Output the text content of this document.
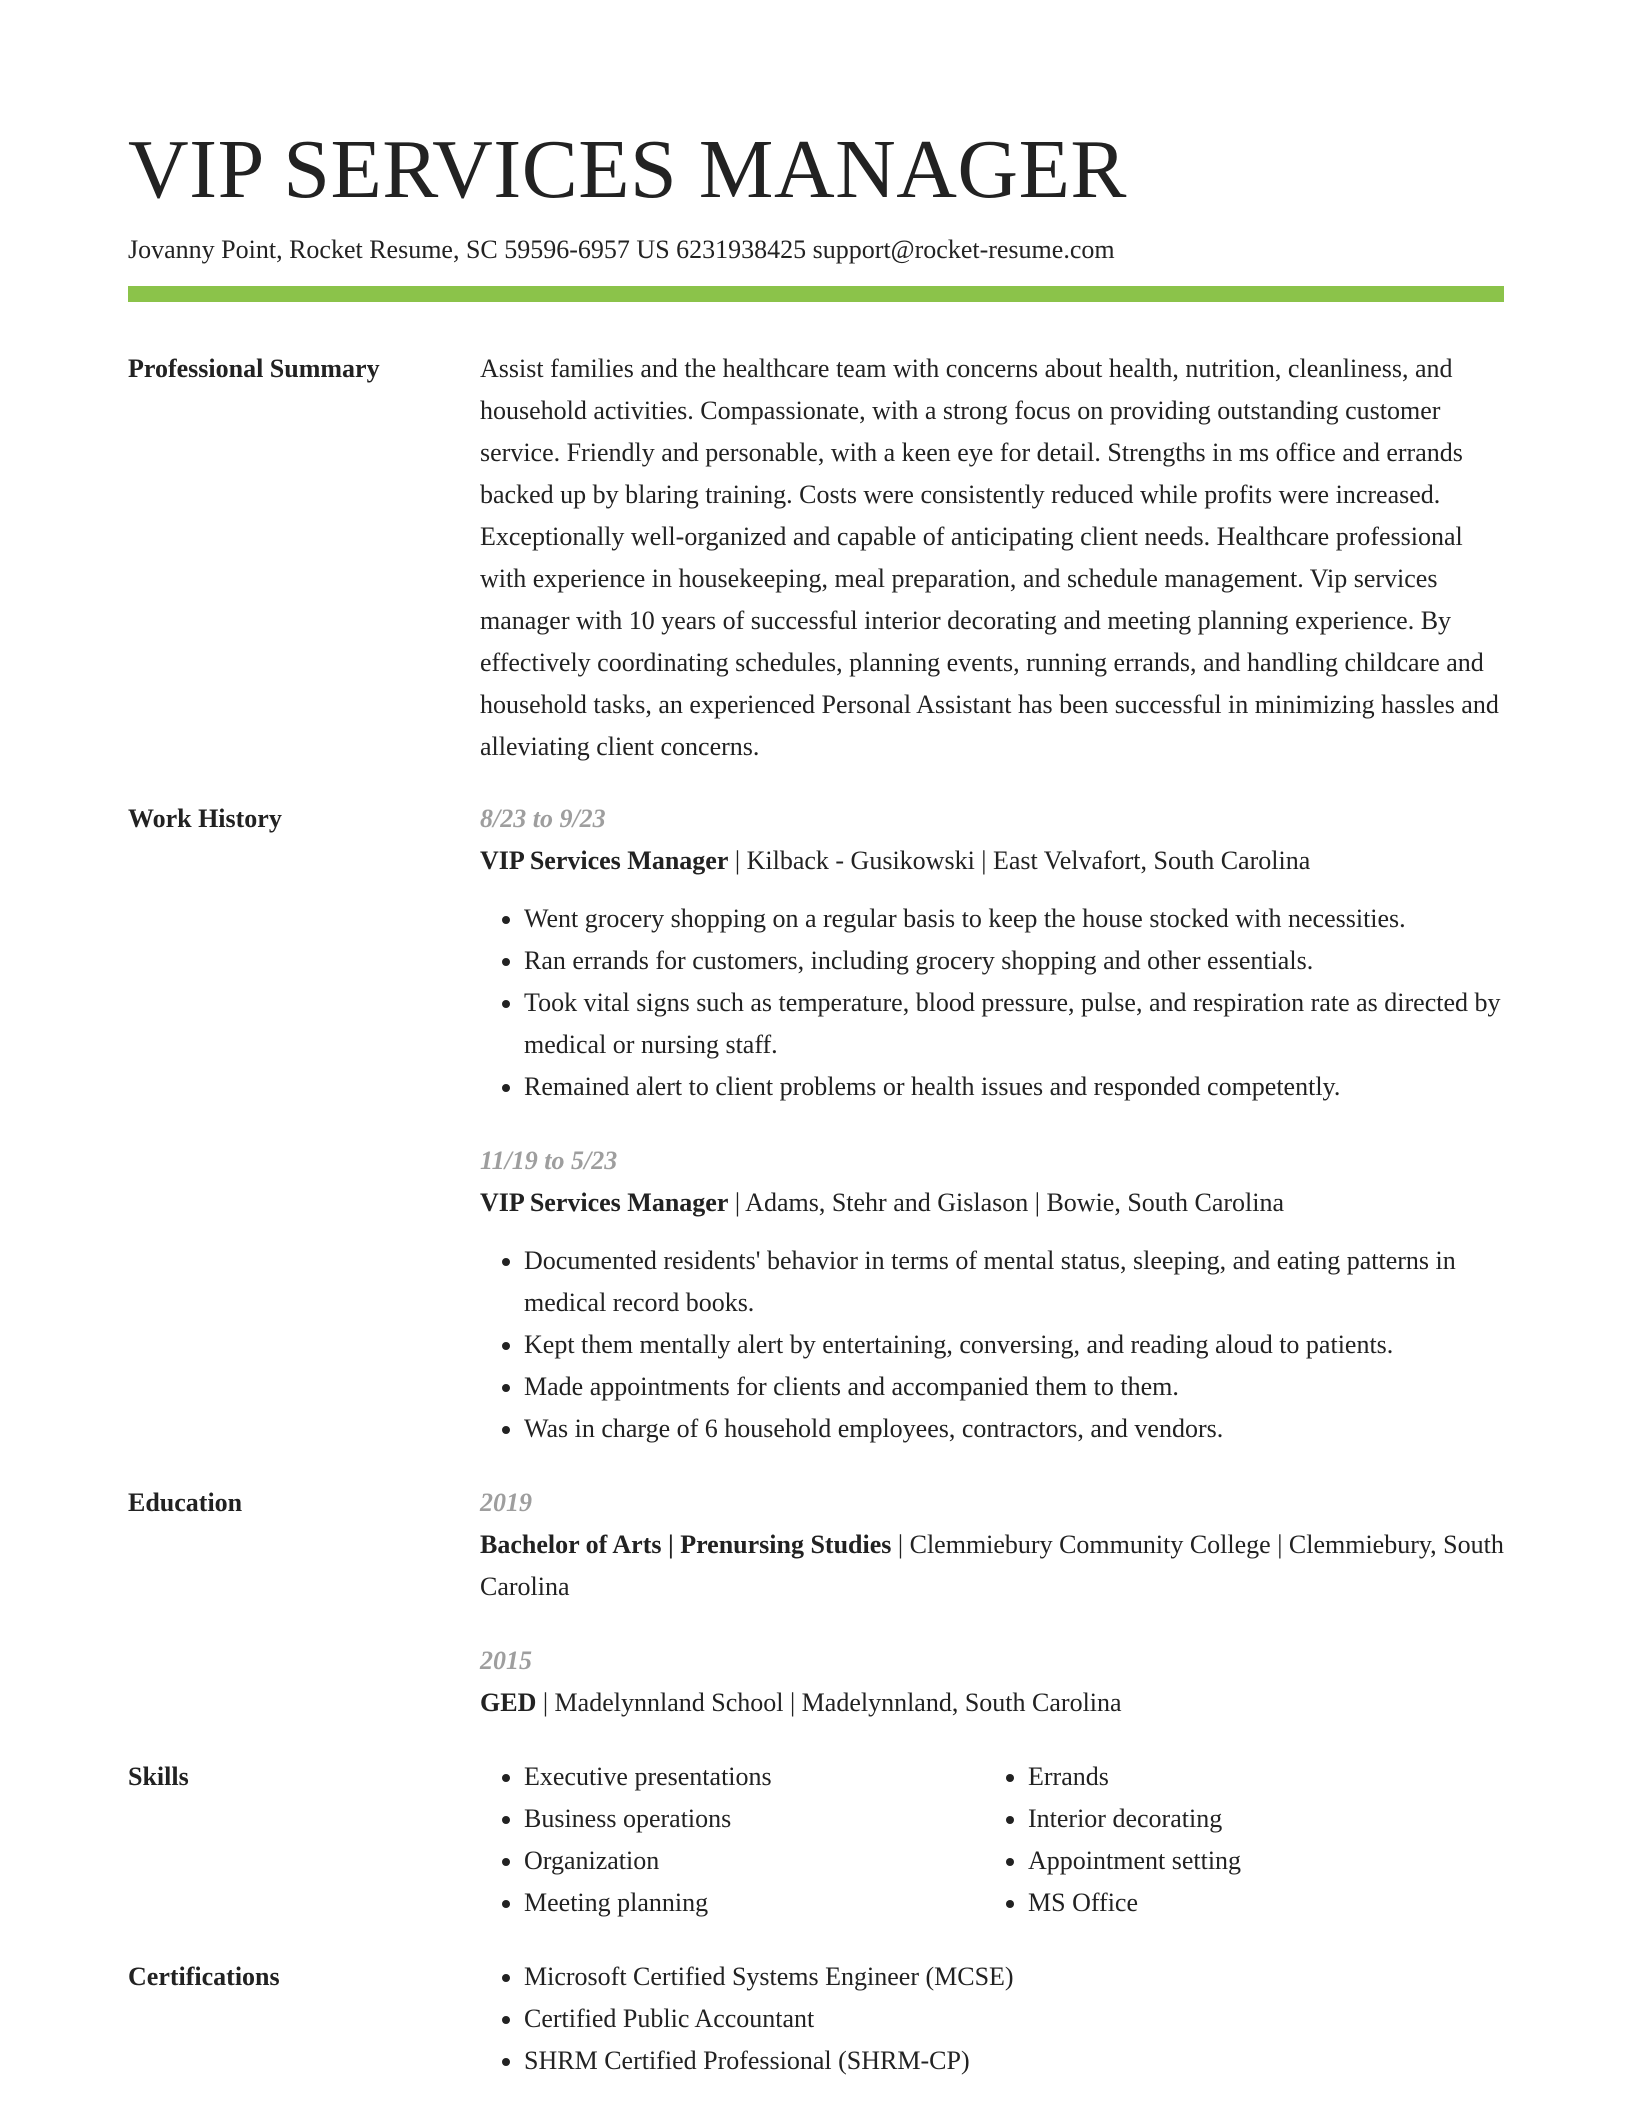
VIP SERVICES MANAGER
Jovanny Point, Rocket Resume, SC 59596-6957 US 6231938425 support@rocket-resume.com
Professional Summary	Assist families and the healthcare team with concerns about health, nutrition, cleanliness, and household activities. Compassionate, with a strong focus on providing outstanding customer service. Friendly and personable, with a keen eye for detail. Strengths in ms office and errands backed up by blaring training. Costs were consistently reduced while profits were increased. Exceptionally well-organized and capable of anticipating client needs. Healthcare professional with experience in housekeeping, meal preparation, and schedule management. Vip services manager with 10 years of successful interior decorating and meeting planning experience. By effectively coordinating schedules, planning events, running errands, and handling childcare and household tasks, an experienced Personal Assistant has been successful in minimizing hassles and alleviating client concerns.

Work History	8/23 to 9/23
VIP Services Manager | Kilback - Gusikowski | East Velvafort, South Carolina
• Went grocery shopping on a regular basis to keep the house stocked with necessities.
• Ran errands for customers, including grocery shopping and other essentials.
• Took vital signs such as temperature, blood pressure, pulse, and respiration rate as directed by medical or nursing staff.
• Remained alert to client problems or health issues and responded competently.
11/19 to 5/23
VIP Services Manager | Adams, Stehr and Gislason | Bowie, South Carolina
• Documented residents' behavior in terms of mental status, sleeping, and eating patterns in medical record books.
• Kept them mentally alert by entertaining, conversing, and reading aloud to patients.
• Made appointments for clients and accompanied them to them.
• Was in charge of 6 household employees, contractors, and vendors.
Education	2019
Bachelor of Arts | Prenursing Studies | Clemmiebury Community College | Clemmiebury, South Carolina
2015
GED | Madelynnland School | Madelynnland, South Carolina
Skills	• Executive presentations
• Business operations
• Organization
• Meeting planning
• Errands
• Interior decorating
• Appointment setting
• MS Office
Certifications	• Microsoft Certified Systems Engineer (MCSE)
• Certified Public Accountant
• SHRM Certified Professional (SHRM-CP)
